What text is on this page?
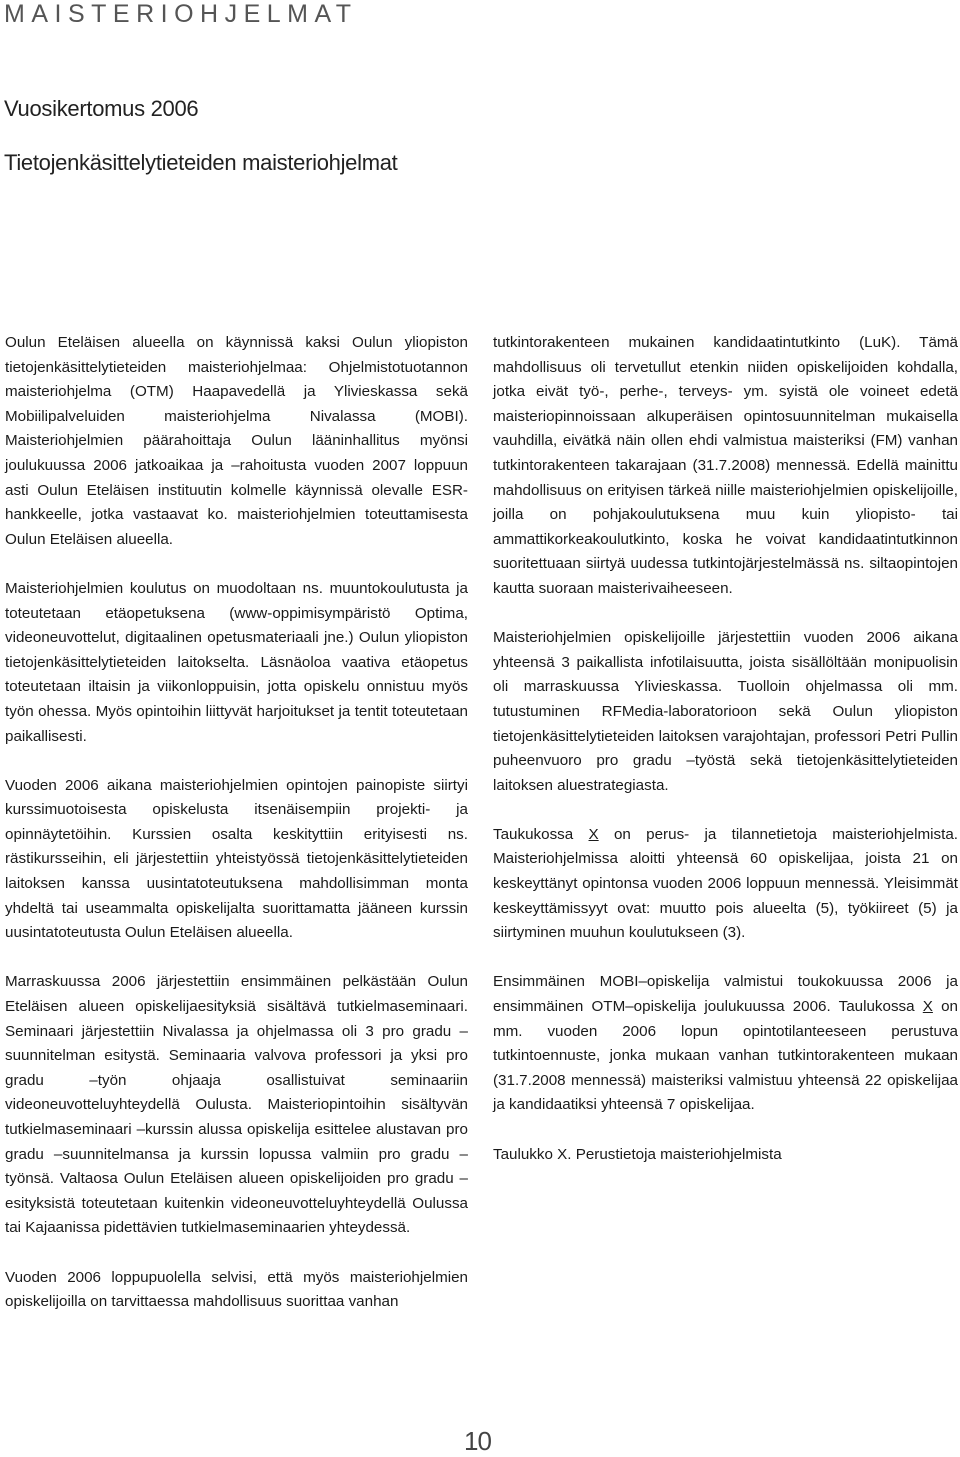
MAISTERIOHJELMAT
Vuosikertomus 2006
Tietojenkäsittelytieteiden maisteriohjelmat

Oulun Eteläisen alueella on käynnissä kaksi Oulun yliopiston tietojenkäsittelytieteiden maisteriohjelmaa: Ohjelmistotuotannon maisteriohjelma (OTM) Haapavedellä ja Ylivieskassa sekä Mobiilipalveluiden maisteriohjelma Nivalassa (MOBI). Maisteriohjelmien päärahoittaja Oulun lääninhallitus myönsi joulukuussa 2006 jatkoaikaa ja –rahoitusta vuoden 2007 loppuun asti Oulun Eteläisen instituutin kolmelle käynnissä olevalle ESR-hankkeelle, jotka vastaavat ko. maisteriohjelmien toteuttamisesta Oulun Eteläisen alueella.

Maisteriohjelmien koulutus on muodoltaan ns. muuntokoulutusta ja toteutetaan etäopetuksena (www-oppimisympäristö Optima, videoneuvottelut, digitaalinen opetusmateriaali jne.) Oulun yliopiston tietojenkäsittelytieteiden laitokselta. Läsnäoloa vaativa etäopetus toteutetaan iltaisin ja viikonloppuisin, jotta opiskelu onnistuu myös työn ohessa. Myös opintoihin liittyvät harjoitukset ja tentit toteutetaan paikallisesti.

Vuoden 2006 aikana maisteriohjelmien opintojen painopiste siirtyi kurssimuotoisesta opiskelusta itsenäisempiin projekti- ja opinnäytetöihin. Kurssien osalta keskityttiin erityisesti ns. rästikursseihin, eli järjestettiin yhteistyössä tietojenkäsittelytieteiden laitoksen kanssa uusintatoteutuksena mahdollisimman monta yhdeltä tai useammalta opiskelijalta suorittamatta jääneen kurssin uusintatoteutusta Oulun Eteläisen alueella.

Marraskuussa 2006 järjestettiin ensimmäinen pelkästään Oulun Eteläisen alueen opiskelijaesityksiä sisältävä tutkielmaseminaari. Seminaari järjestettiin Nivalassa ja ohjelmassa oli 3 pro gradu –suunnitelman esitystä. Seminaaria valvova professori ja yksi pro gradu –työn ohjaaja osallistuivat seminaariin videoneuvotteluyhteydellä Oulusta. Maisteriopintoihin sisältyvän tutkielmaseminaari –kurssin alussa opiskelija esittelee alustavan pro gradu –suunnitelmansa ja kurssin lopussa valmiin pro gradu –työnsä. Valtaosa Oulun Eteläisen alueen opiskelijoiden pro gradu –esityksistä toteutetaan kuitenkin videoneuvotteluyhteydellä Oulussa tai Kajaanissa pidettävien tutkielmaseminaarien yhteydessä.

Vuoden 2006 loppupuolella selvisi, että myös maisteriohjelmien opiskelijoilla on tarvittaessa mahdollisuus suorittaa vanhan

tutkintorakenteen mukainen kandidaatintutkinto (LuK). Tämä mahdollisuus oli tervetullut etenkin niiden opiskelijoiden kohdalla, jotka eivät työ-, perhe-, terveys- ym. syistä ole voineet edetä maisteriopinnoissaan alkuperäisen opintosuunnitelman mukaisella vauhdilla, eivätkä näin ollen ehdi valmistua maisteriksi (FM) vanhan tutkintorakenteen takarajaan (31.7.2008) mennessä. Edellä mainittu mahdollisuus on erityisen tärkeä niille maisteriohjelmien opiskelijoille, joilla on pohjakoulutuksena muu kuin yliopisto- tai ammattikorkeakoulutkinto, koska he voivat kandidaatintutkinnon suoritettuaan siirtyä uudessa tutkintojärjestelmässä ns. siltaopintojen kautta suoraan maisterivaiheeseen.

Maisteriohjelmien opiskelijoille järjestettiin vuoden 2006 aikana yhteensä 3 paikallista infotilaisuutta, joista sisällöltään monipuolisin oli marraskuussa Ylivieskassa. Tuolloin ohjelmassa oli mm. tutustuminen RFMedia-laboratorioon sekä Oulun yliopiston tietojenkäsittelytieteiden laitoksen varajohtajan, professori Petri Pullin puheenvuoro pro gradu –työstä sekä tietojenkäsittelytieteiden laitoksen aluestrategiasta.

Taukukossa X on perus- ja tilannetietoja maisteriohjelmista. Maisteriohjelmissa aloitti yhteensä 60 opiskelijaa, joista 21 on keskeyttänyt opintonsa vuoden 2006 loppuun mennessä. Yleisimmät keskeyttämissyyt ovat: muutto pois alueelta (5), työkiireet (5) ja siirtyminen muuhun koulutukseen (3).

Ensimmäinen MOBI–opiskelija valmistui toukokuussa 2006 ja ensimmäinen OTM–opiskelija joulukuussa 2006. Taulukossa X on mm. vuoden 2006 lopun opintotilanteeseen perustuva tutkintoennuste, jonka mukaan vanhan tutkintorakenteen mukaan (31.7.2008 mennessä) maisteriksi valmistuu yhteensä 22 opiskelijaa ja kandidaatiksi yhteensä 7 opiskelijaa.

Taulukko X. Perustietoja maisteriohjelmista

10
